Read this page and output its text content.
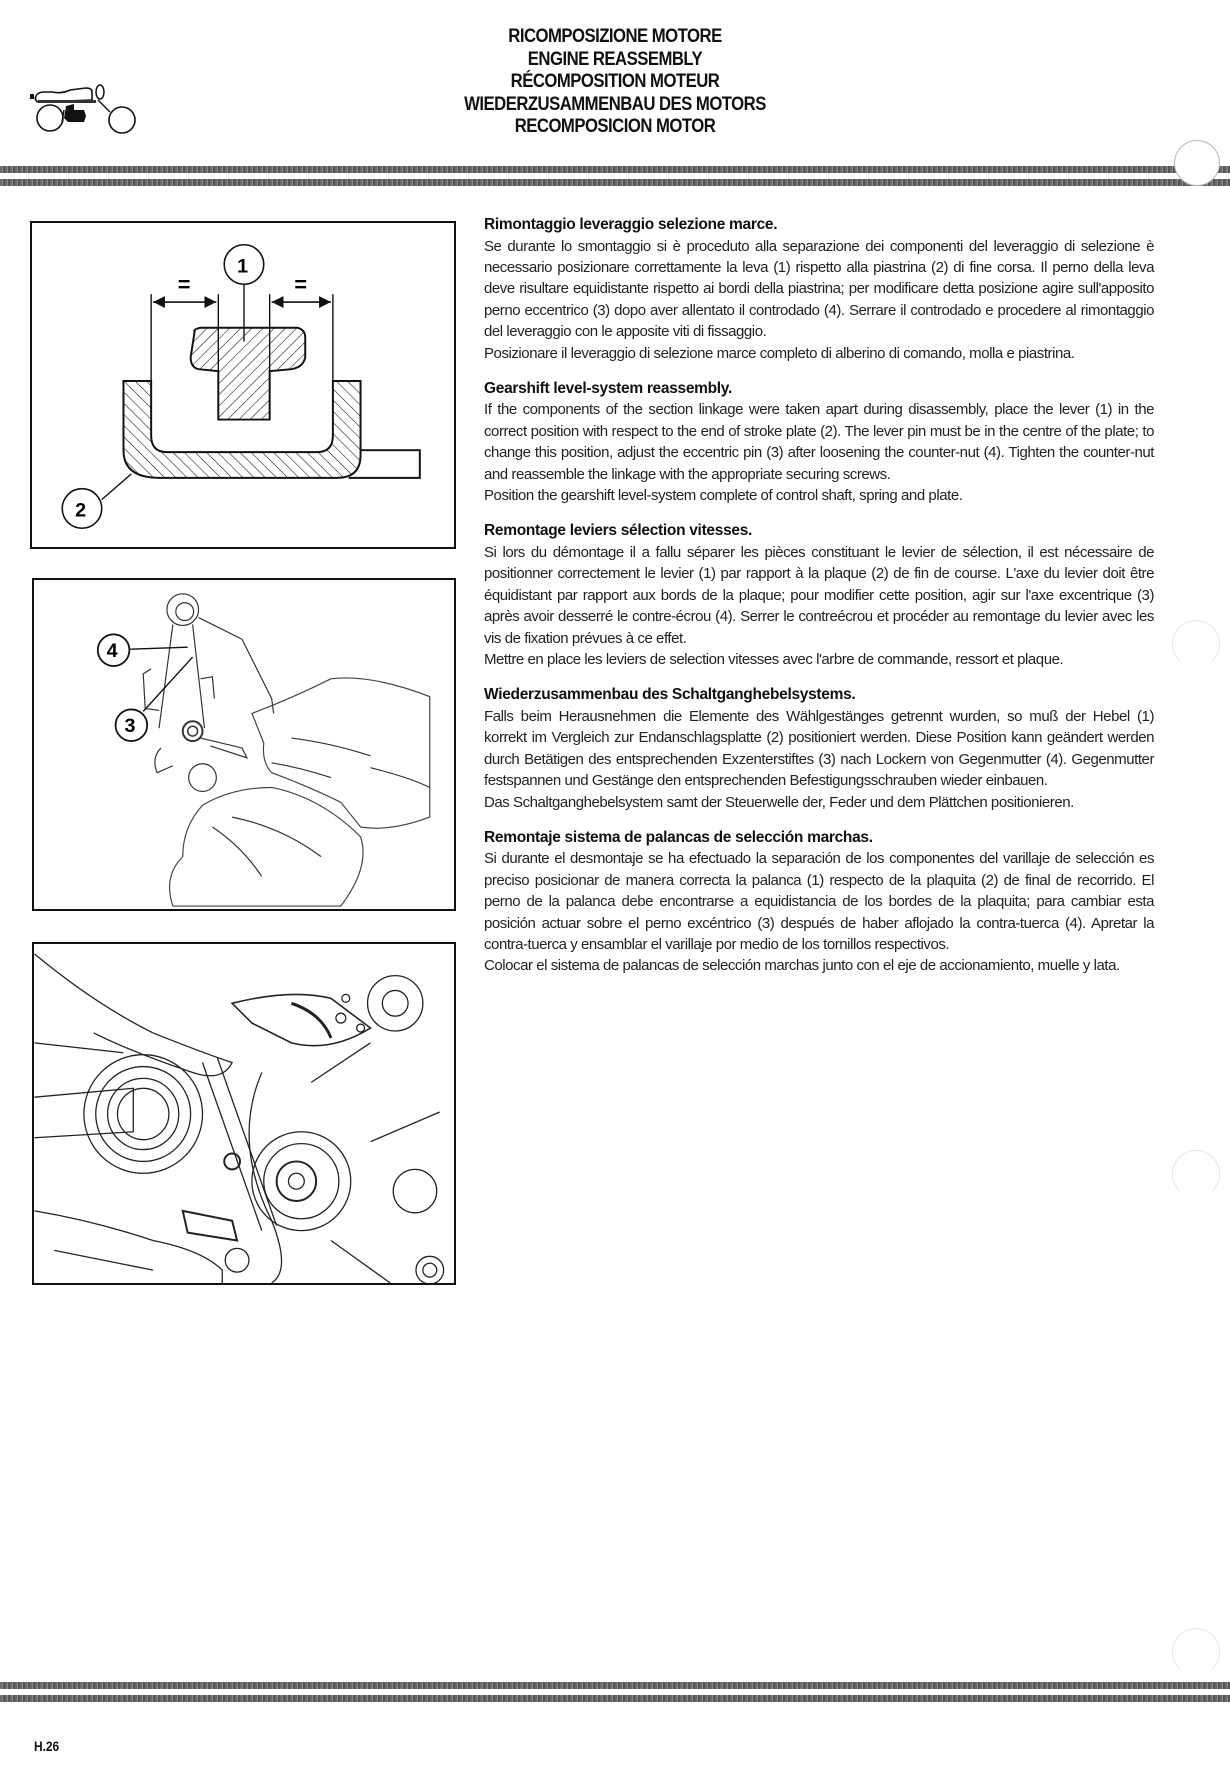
RICOMPOSIZIONE MOTORE
ENGINE REASSEMBLY
RÉCOMPOSITION MOTEUR
WIEDERZUSAMMENBAU DES MOTORS
RECOMPOSICION MOTOR
=	=
1
2
4
3
Rimontaggio leveraggio selezione marce.

Se durante lo smontaggio si è proceduto alla separazione dei componenti del leveraggio di selezione è necessario posizionare correttamente la leva (1) rispetto alla piastrina (2) di fine corsa. Il perno della leva deve risultare equidistante rispetto ai bordi della piastrina; per modificare detta posizione agire sull'apposito perno eccentrico (3) dopo aver allentato il controdado (4). Serrare il controdado e procedere al rimontaggio del leveraggio con le apposite viti di fissaggio.

Posizionare il leveraggio di selezione marce completo di alberino di comando, molla e piastrina.

Gearshift level-system reassembly.

If the components of the section linkage were taken apart during disassembly, place the lever (1) in the correct position with respect to the end of stroke plate (2). The lever pin must be in the centre of the plate; to change this position, adjust the eccentric pin (3) after loosening the counter-nut (4). Tighten the counter-nut and reassemble the linkage with the appropriate securing screws.

Position the gearshift level-system complete of control shaft, spring and plate.

Remontage leviers sélection vitesses.

Si lors du démontage il a fallu séparer les pièces constituant le levier de sélection, il est nécessaire de positionner correctement le levier (1) par rapport à la plaque (2) de fin de course. L'axe du levier doit être équidistant par rapport aux bords de la plaque; pour modifier cette position, agir sur l'axe excentrique (3) après avoir desserré le contre-écrou (4). Serrer le contreécrou et procéder au remontage du levier avec les vis de fixation prévues à ce effet.

Mettre en place les leviers de selection vitesses avec l'arbre de commande, ressort et plaque.

Wiederzusammenbau des Schaltganghebelsystems.

Falls beim Herausnehmen die Elemente des Wählgestänges getrennt wurden, so muß der Hebel (1) korrekt im Vergleich zur Endanschlagsplatte (2) positioniert werden. Diese Position kann geändert werden durch Betätigen des entsprechenden Exzenterstiftes (3) nach Lockern von Gegenmutter (4). Gegenmutter festspannen und Gestänge den entsprechenden Befestigungsschrauben wieder einbauen.

Das Schaltganghebelsystem samt der Steuerwelle der, Feder und dem Plättchen positionieren.

Remontaje sistema de palancas de selección marchas.

Si durante el desmontaje se ha efectuado la separación de los componentes del varillaje de selección es preciso posicionar de manera correcta la palanca (1) respecto de la plaquita (2) de final de recorrido. El perno de la palanca debe encontrarse a equidistancia de los bordes de la plaquita; para cambiar esta posición actuar sobre el perno excéntrico (3) después de haber aflojado la contra-tuerca (4). Apretar la contra-tuerca y ensamblar el varillaje por medio de los tornillos respectivos.

Colocar el sistema de palancas de selección marchas junto con el eje de accionamiento, muelle y lata.

H.26
